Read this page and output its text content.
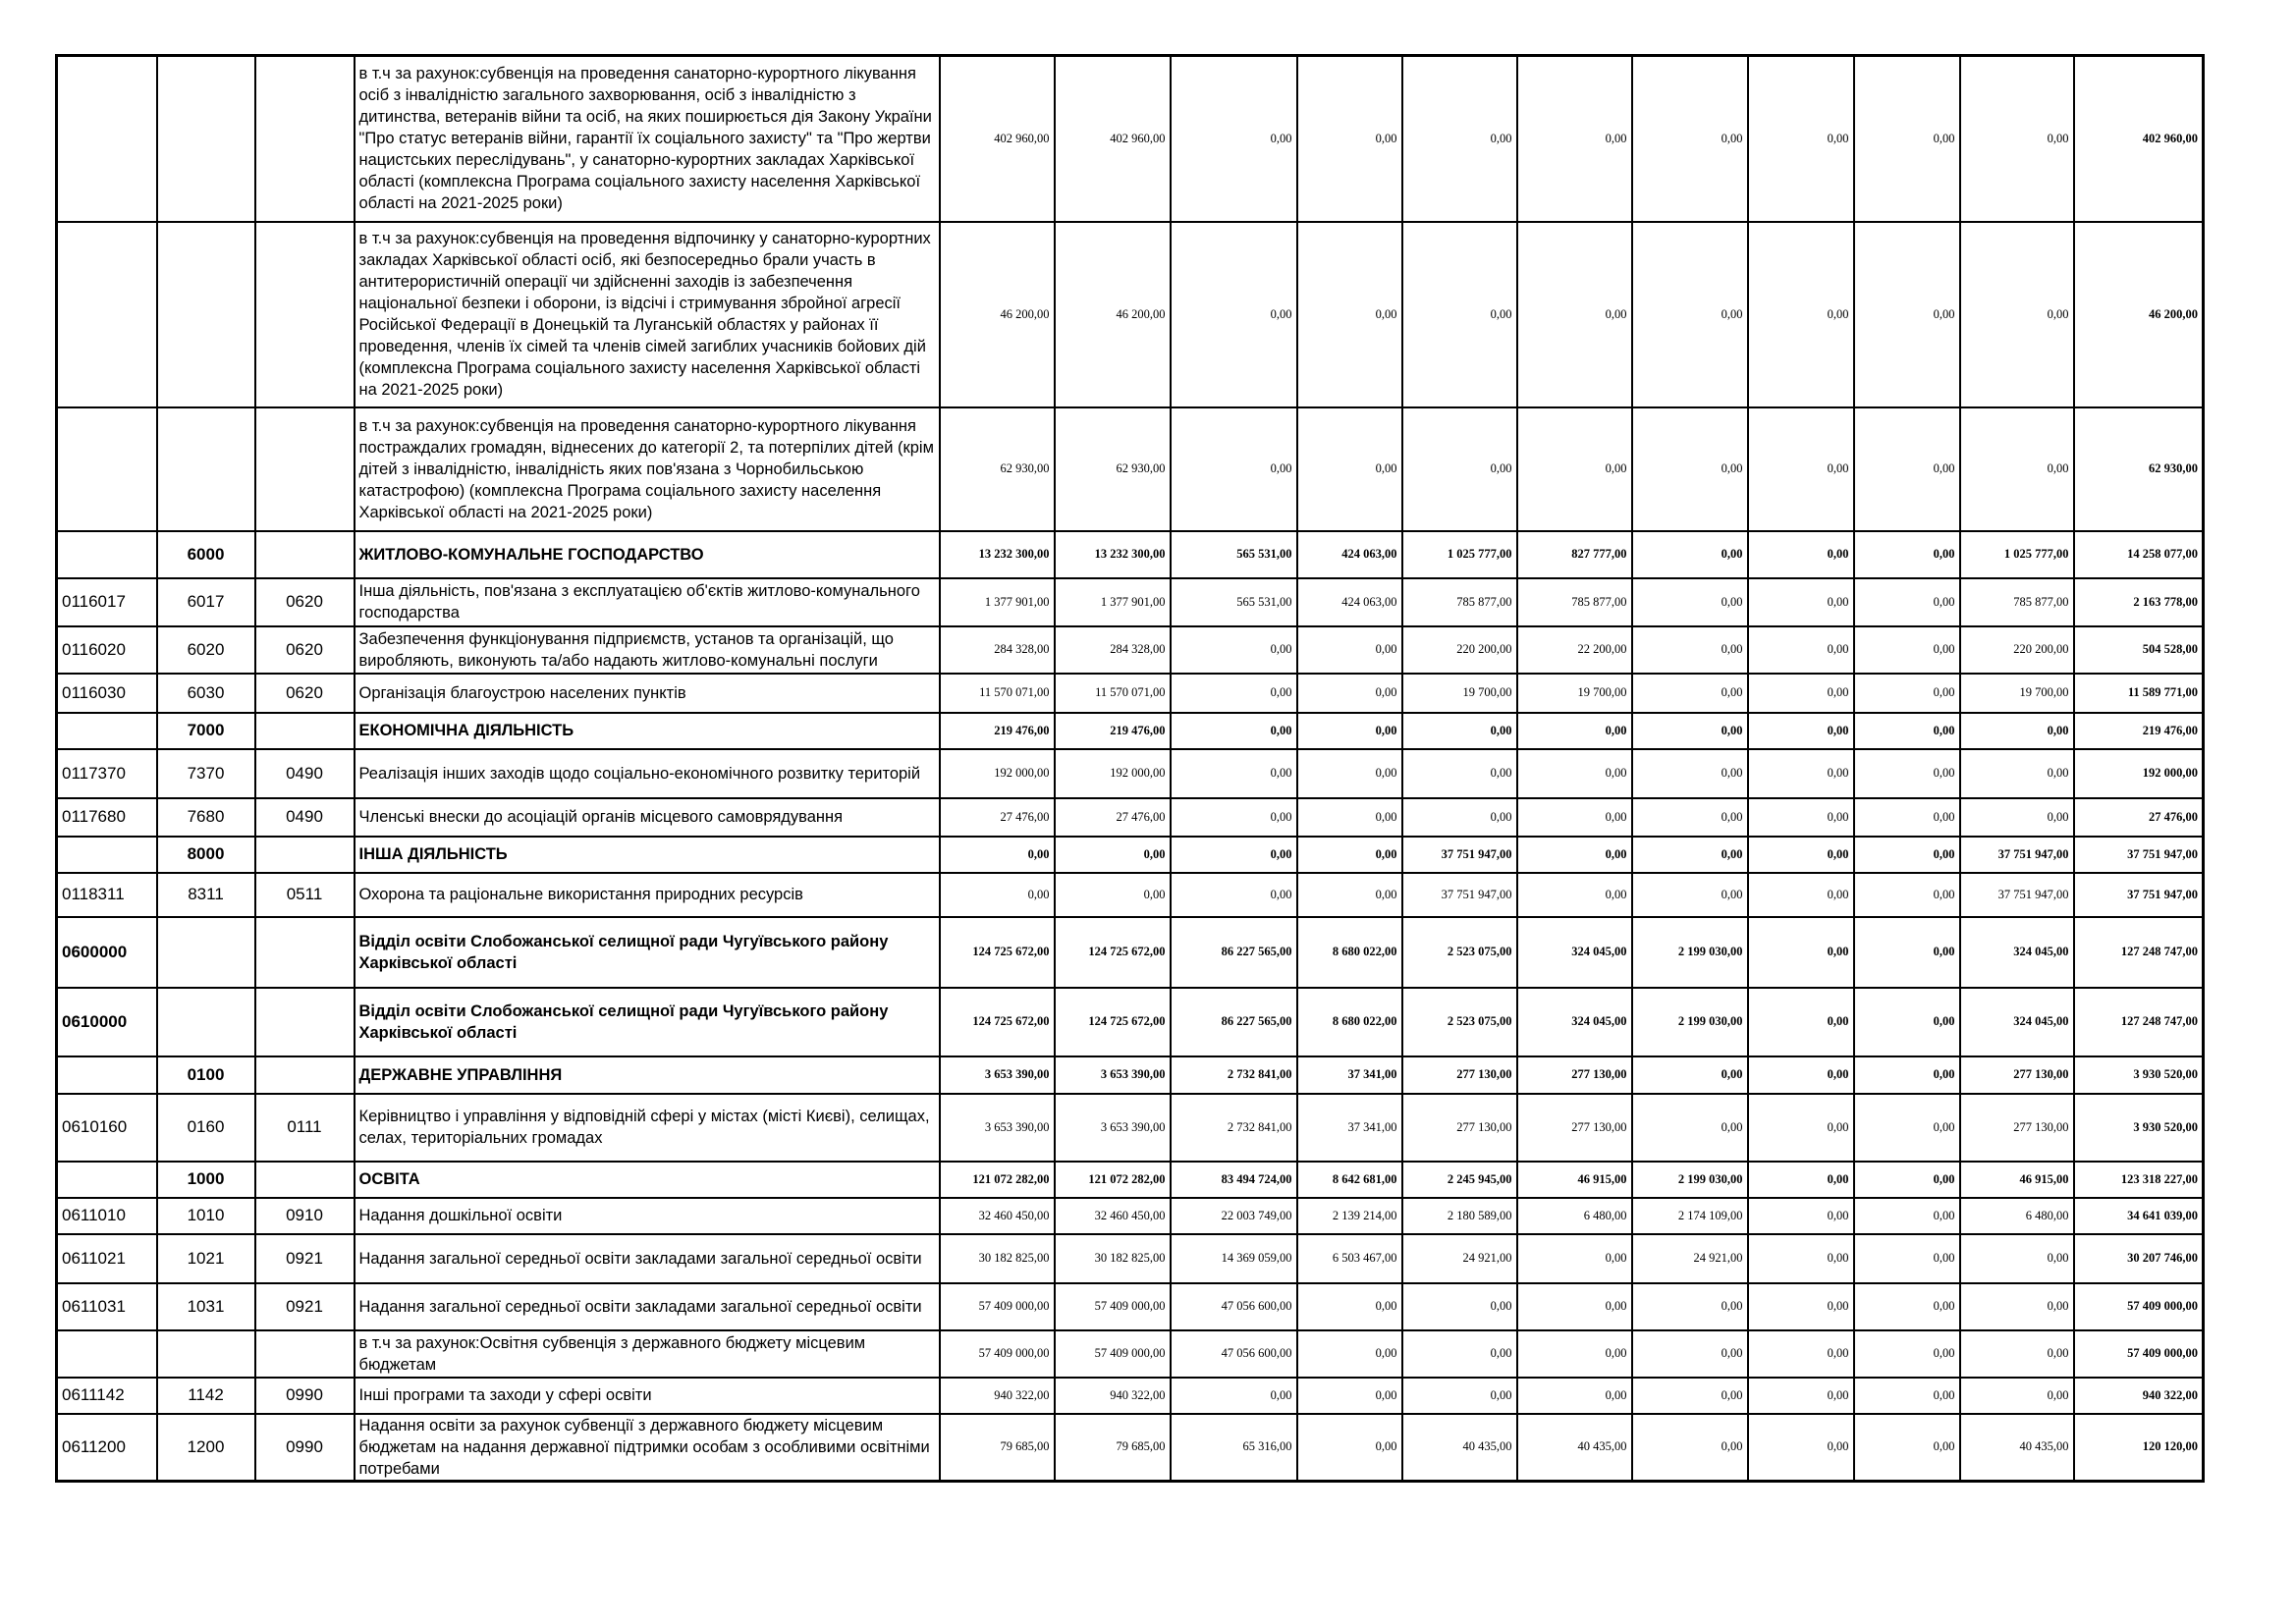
			в т.ч за рахунок:субвенція на проведення санаторно-курортного лікування осіб з інвалідністю загального захворювання, осіб з інвалідністю з дитинства, ветеранів війни та осіб, на яких поширюється дія Закону України "Про статус ветеранів війни, гарантії їх соціального захисту" та "Про жертви нацистських переслідувань", у санаторно-курортних закладах Харківської області (комплексна Програма соціального захисту населення Харківської області на 2021-2025 роки)	402 960,00	402 960,00	0,00	0,00	0,00	0,00	0,00	0,00	0,00	0,00	402 960,00
			в т.ч за рахунок:субвенція на проведення відпочинку у санаторно-курортних закладах Харківської області осіб, які безпосередньо брали участь в антитерористичній операції чи здійсненні заходів із забезпечення національної безпеки і оборони, із відсічі і стримування збройної агресії Російської Федерації в Донецькій та Луганській областях у районах її проведення, членів їх сімей та членів сімей загиблих учасників бойових дій (комплексна Програма соціального захисту населення Харківської області на 2021-2025 роки)	46 200,00	46 200,00	0,00	0,00	0,00	0,00	0,00	0,00	0,00	0,00	46 200,00
			в т.ч за рахунок:субвенція на проведення санаторно-курортного лікування постраждалих громадян, віднесених до категорії 2, та потерпілих дітей (крім дітей з інвалідністю, інвалідність яких пов'язана з Чорнобильською катастрофою) (комплексна Програма соціального захисту населення Харківської області на 2021-2025 роки)	62 930,00	62 930,00	0,00	0,00	0,00	0,00	0,00	0,00	0,00	0,00	62 930,00
	6000		ЖИТЛОВО-КОМУНАЛЬНЕ ГОСПОДАРСТВО	13 232 300,00	13 232 300,00	565 531,00	424 063,00	1 025 777,00	827 777,00	0,00	0,00	0,00	1 025 777,00	14 258 077,00
0116017	6017	0620	Інша діяльність, пов'язана з експлуатацією об'єктів житлово-комунального господарства	1 377 901,00	1 377 901,00	565 531,00	424 063,00	785 877,00	785 877,00	0,00	0,00	0,00	785 877,00	2 163 778,00
0116020	6020	0620	Забезпечення функціонування підприємств, установ та організацій, що виробляють, виконують та/або надають житлово-комунальні послуги	284 328,00	284 328,00	0,00	0,00	220 200,00	22 200,00	0,00	0,00	0,00	220 200,00	504 528,00
0116030	6030	0620	Організація благоустрою населених пунктів	11 570 071,00	11 570 071,00	0,00	0,00	19 700,00	19 700,00	0,00	0,00	0,00	19 700,00	11 589 771,00
	7000		ЕКОНОМІЧНА ДІЯЛЬНІСТЬ	219 476,00	219 476,00	0,00	0,00	0,00	0,00	0,00	0,00	0,00	0,00	219 476,00
0117370	7370	0490	Реалізація інших заходів щодо соціально-економічного розвитку територій	192 000,00	192 000,00	0,00	0,00	0,00	0,00	0,00	0,00	0,00	0,00	192 000,00
0117680	7680	0490	Членські внески до асоціацій органів місцевого самоврядування	27 476,00	27 476,00	0,00	0,00	0,00	0,00	0,00	0,00	0,00	0,00	27 476,00
	8000		ІНША ДІЯЛЬНІСТЬ	0,00	0,00	0,00	0,00	37 751 947,00	0,00	0,00	0,00	0,00	37 751 947,00	37 751 947,00
0118311	8311	0511	Охорона та раціональне використання природних ресурсів	0,00	0,00	0,00	0,00	37 751 947,00	0,00	0,00	0,00	0,00	37 751 947,00	37 751 947,00
0600000			Відділ освіти Слобожанської селищної ради Чугуївського району Харківської області	124 725 672,00	124 725 672,00	86 227 565,00	8 680 022,00	2 523 075,00	324 045,00	2 199 030,00	0,00	0,00	324 045,00	127 248 747,00
0610000			Відділ освіти Слобожанської селищної ради Чугуївського району Харківської області	124 725 672,00	124 725 672,00	86 227 565,00	8 680 022,00	2 523 075,00	324 045,00	2 199 030,00	0,00	0,00	324 045,00	127 248 747,00
	0100		ДЕРЖАВНЕ УПРАВЛІННЯ	3 653 390,00	3 653 390,00	2 732 841,00	37 341,00	277 130,00	277 130,00	0,00	0,00	0,00	277 130,00	3 930 520,00
0610160	0160	0111	Керівництво і управління у відповідній сфері у містах (місті Києві), селищах, селах, територіальних громадах	3 653 390,00	3 653 390,00	2 732 841,00	37 341,00	277 130,00	277 130,00	0,00	0,00	0,00	277 130,00	3 930 520,00
	1000		ОСВІТА	121 072 282,00	121 072 282,00	83 494 724,00	8 642 681,00	2 245 945,00	46 915,00	2 199 030,00	0,00	0,00	46 915,00	123 318 227,00
0611010	1010	0910	Надання дошкільної освіти	32 460 450,00	32 460 450,00	22 003 749,00	2 139 214,00	2 180 589,00	6 480,00	2 174 109,00	0,00	0,00	6 480,00	34 641 039,00
0611021	1021	0921	Надання загальної середньої освіти закладами загальної середньої освіти	30 182 825,00	30 182 825,00	14 369 059,00	6 503 467,00	24 921,00	0,00	24 921,00	0,00	0,00	0,00	30 207 746,00
0611031	1031	0921	Надання загальної середньої освіти закладами загальної середньої освіти	57 409 000,00	57 409 000,00	47 056 600,00	0,00	0,00	0,00	0,00	0,00	0,00	0,00	57 409 000,00
			в т.ч за рахунок:Освітня субвенція з державного бюджету місцевим бюджетам	57 409 000,00	57 409 000,00	47 056 600,00	0,00	0,00	0,00	0,00	0,00	0,00	0,00	57 409 000,00
0611142	1142	0990	Інші програми та заходи у сфері освіти	940 322,00	940 322,00	0,00	0,00	0,00	0,00	0,00	0,00	0,00	0,00	940 322,00
0611200	1200	0990	Надання освіти за рахунок субвенції з державного бюджету місцевим бюджетам на надання державної підтримки особам з особливими освітніми потребами	79 685,00	79 685,00	65 316,00	0,00	40 435,00	40 435,00	0,00	0,00	0,00	40 435,00	120 120,00
